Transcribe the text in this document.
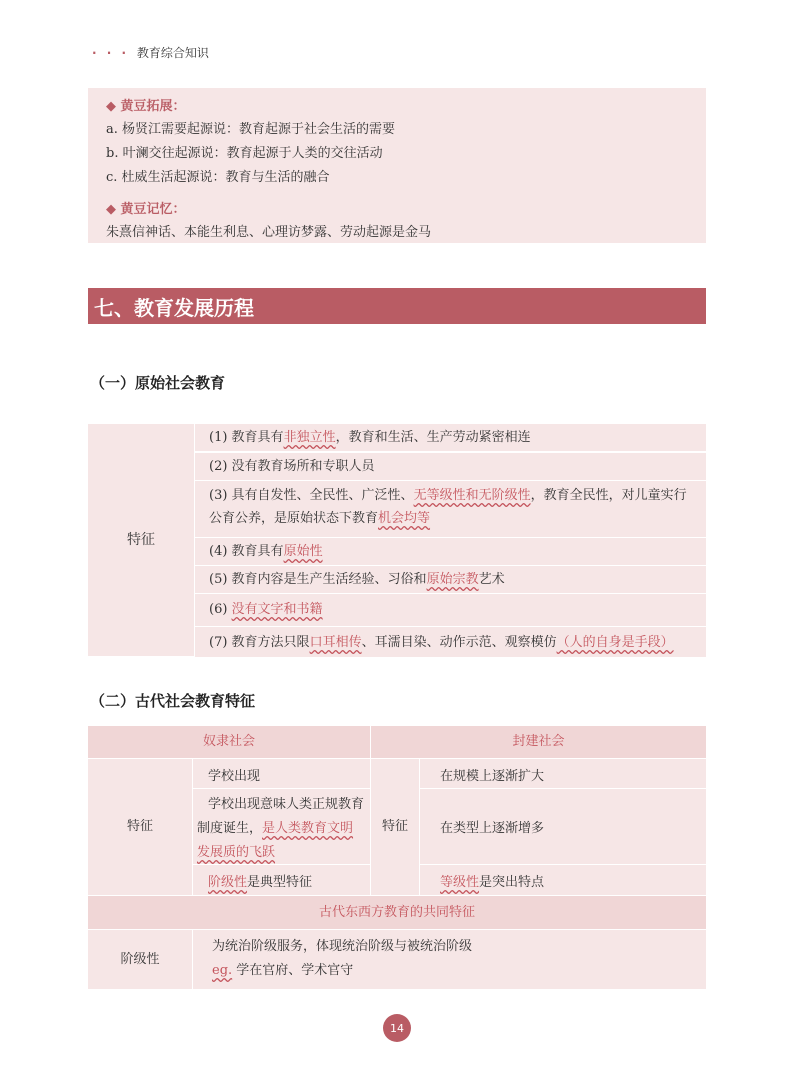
· · · 教育综合知识
◆ 黄豆拓展：
a. 杨贤江需要起源说：教育起源于社会生活的需要
b. 叶澜交往起源说：教育起源于人类的交往活动
c. 杜威生活起源说：教育与生活的融合
◆ 黄豆记忆：
朱熹信神话、本能生利息、心理访梦露、劳动起源是金马
七、教育发展历程
（一）原始社会教育
特征
(1) 教育具有非独立性，教育和生活、生产劳动紧密相连
(2) 没有教育场所和专职人员
(3) 具有自发性、全民性、广泛性、无等级性和无阶级性，教育全民性，对儿童实行公育公养，是原始状态下教育机会均等
(4) 教育具有原始性
(5) 教育内容是生产生活经验、习俗和原始宗教艺术
(6) 没有文字和书籍
(7) 教育方法只限口耳相传、耳濡目染、动作示范、观察模仿（人的自身是手段）
（二）古代社会教育特征
奴隶社会	封建社会
特征
学校出现
学校出现意味人类正规教育制度诞生，是人类教育文明发展质的飞跃
阶级性是典型特征
特征
在规模上逐渐扩大
在类型上逐渐增多
等级性是突出特点
古代东西方教育的共同特征
阶级性
为统治阶级服务，体现统治阶级与被统治阶级
eg. 学在官府、学术官守
14
